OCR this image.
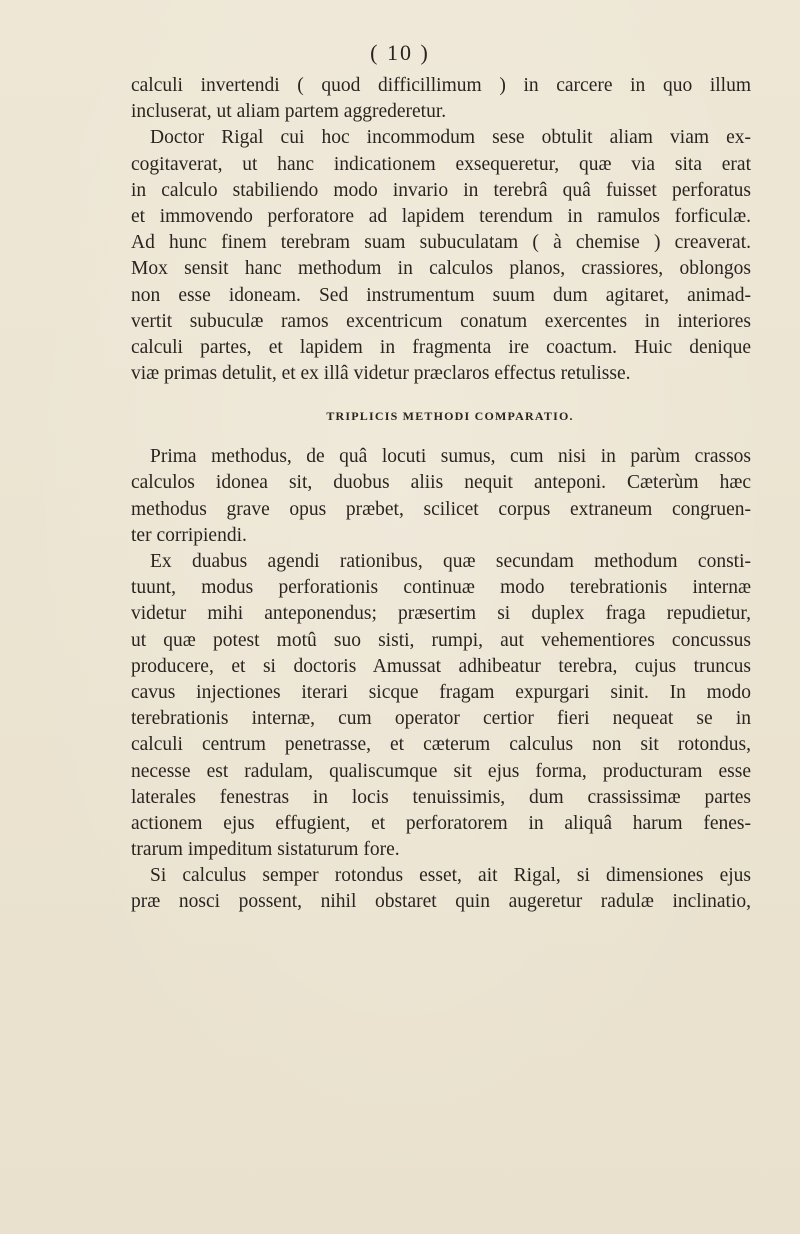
( 10 )
calculi invertendi ( quod difficillimum ) in carcere in quo illum
incluserat, ut aliam partem aggrederetur.
Doctor Rigal cui hoc incommodum sese obtulit aliam viam ex-
cogitaverat, ut hanc indicationem exsequeretur, quæ via sita erat
in calculo stabiliendo modo invario in terebrâ quâ fuisset perforatus
et immovendo perforatore ad lapidem terendum in ramulos forficulæ.
Ad hunc finem terebram suam subuculatam ( à chemise ) creaverat.
Mox sensit hanc methodum in calculos planos, crassiores, oblongos
non esse idoneam. Sed instrumentum suum dum agitaret, animad-
vertit subuculæ ramos excentricum conatum exercentes in interiores
calculi partes, et lapidem in fragmenta ire coactum. Huic denique
viæ primas detulit, et ex illâ videtur præclaros effectus retulisse.
TRIPLICIS METHODI COMPARATIO.
Prima methodus, de quâ locuti sumus, cum nisi in parùm crassos
calculos idonea sit, duobus aliis nequit anteponi. Cæterùm hæc
methodus grave opus præbet, scilicet corpus extraneum congruen-
ter corripiendi.
Ex duabus agendi rationibus, quæ secundam methodum consti-
tuunt, modus perforationis continuæ modo terebrationis internæ
videtur mihi anteponendus; præsertim si duplex fraga repudietur,
ut quæ potest motû suo sisti, rumpi, aut vehementiores concussus
producere, et si doctoris Amussat adhibeatur terebra, cujus truncus
cavus injectiones iterari sicque fragam expurgari sinit. In modo
terebrationis internæ, cum operator certior fieri nequeat se in
calculi centrum penetrasse, et cæterum calculus non sit rotondus,
necesse est radulam, qualiscumque sit ejus forma, producturam esse
laterales fenestras in locis tenuissimis, dum crassissimæ partes
actionem ejus effugient, et perforatorem in aliquâ harum fenes-
trarum impeditum sistaturum fore.
Si calculus semper rotondus esset, ait Rigal, si dimensiones ejus
præ nosci possent, nihil obstaret quin augeretur radulæ inclinatio,
